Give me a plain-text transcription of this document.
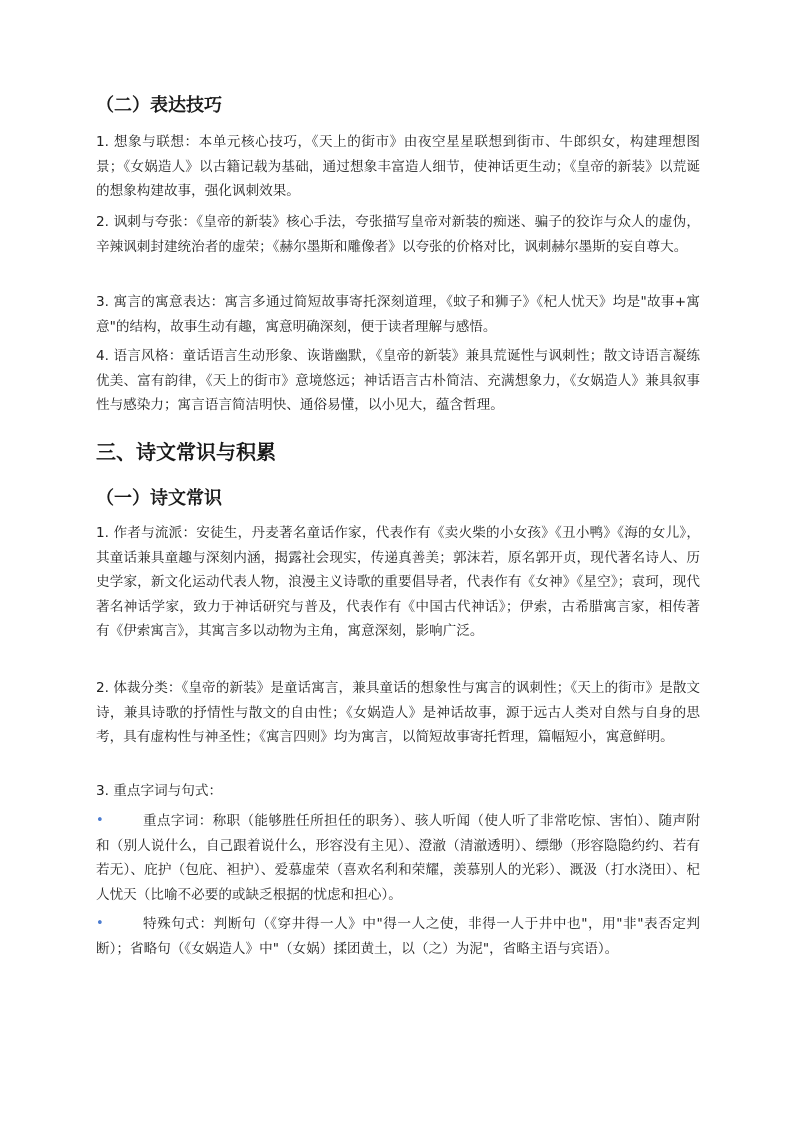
（二）表达技巧
1. 想象与联想：本单元核心技巧，《天上的街市》由夜空星星联想到街市、牛郎织女，构建理想图景；《女娲造人》以古籍记载为基础，通过想象丰富造人细节，使神话更生动；《皇帝的新装》以荒诞的想象构建故事，强化讽刺效果。
2. 讽刺与夸张：《皇帝的新装》核心手法，夸张描写皇帝对新装的痴迷、骗子的狡诈与众人的虚伪，辛辣讽刺封建统治者的虚荣；《赫尔墨斯和雕像者》以夸张的价格对比，讽刺赫尔墨斯的妄自尊大。
3. 寓言的寓意表达：寓言多通过简短故事寄托深刻道理，《蚊子和狮子》《杞人忧天》均是"故事+寓意"的结构，故事生动有趣，寓意明确深刻，便于读者理解与感悟。
4. 语言风格：童话语言生动形象、诙谐幽默，《皇帝的新装》兼具荒诞性与讽刺性；散文诗语言凝练优美、富有韵律，《天上的街市》意境悠远；神话语言古朴简洁、充满想象力，《女娲造人》兼具叙事性与感染力；寓言语言简洁明快、通俗易懂，以小见大，蕴含哲理。
三、诗文常识与积累
（一）诗文常识
1. 作者与流派：安徒生，丹麦著名童话作家，代表作有《卖火柴的小女孩》《丑小鸭》《海的女儿》，其童话兼具童趣与深刻内涵，揭露社会现实，传递真善美；郭沫若，原名郭开贞，现代著名诗人、历史学家，新文化运动代表人物，浪漫主义诗歌的重要倡导者，代表作有《女神》《星空》；袁珂，现代著名神话学家，致力于神话研究与普及，代表作有《中国古代神话》；伊索，古希腊寓言家，相传著有《伊索寓言》，其寓言多以动物为主角，寓意深刻，影响广泛。
2. 体裁分类：《皇帝的新装》是童话寓言，兼具童话的想象性与寓言的讽刺性；《天上的街市》是散文诗，兼具诗歌的抒情性与散文的自由性；《女娲造人》是神话故事，源于远古人类对自然与自身的思考，具有虚构性与神圣性；《寓言四则》均为寓言，以简短故事寄托哲理，篇幅短小，寓意鲜明。
3. 重点字词与句式：
•	重点字词：称职（能够胜任所担任的职务）、骇人听闻（使人听了非常吃惊、害怕）、随声附和（别人说什么，自己跟着说什么，形容没有主见）、澄澈（清澈透明）、缥缈（形容隐隐约约、若有若无）、庇护（包庇、袒护）、爱慕虚荣（喜欢名利和荣耀，羡慕别人的光彩）、溉汲（打水浇田）、杞人忧天（比喻不必要的或缺乏根据的忧虑和担心）。
•	特殊句式：判断句（《穿井得一人》中"得一人之使，非得一人于井中也"，用"非"表否定判断）；省略句（《女娲造人》中"（女娲）揉团黄土，以（之）为泥"，省略主语与宾语）。
